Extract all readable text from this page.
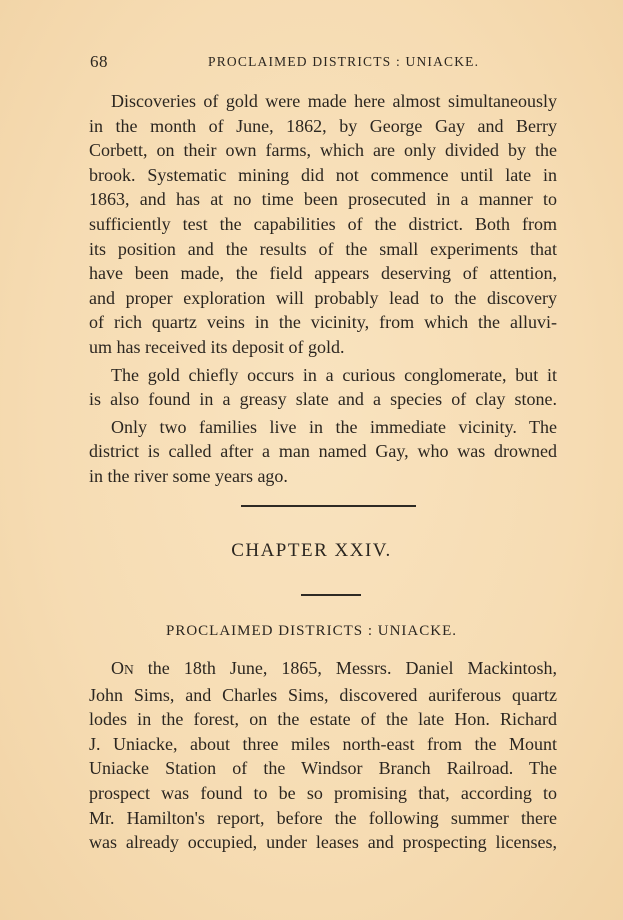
68	PROCLAIMED DISTRICTS : UNIACKE.
Discoveries of gold were made here almost simultaneously
in the month of June, 1862, by George Gay and Berry
Corbett, on their own farms, which are only divided by the
brook. Systematic mining did not commence until late in
1863, and has at no time been prosecuted in a manner to
sufficiently test the capabilities of the district. Both from
its position and the results of the small experiments that
have been made, the field appears deserving of attention,
and proper exploration will probably lead to the discovery
of rich quartz veins in the vicinity, from which the alluvi-
um has received its deposit of gold.
The gold chiefly occurs in a curious conglomerate, but it
is also found in a greasy slate and a species of clay stone.
Only two families live in the immediate vicinity. The
district is called after a man named Gay, who was drowned
in the river some years ago.
CHAPTER XXIV.
PROCLAIMED DISTRICTS : UNIACKE.
ON the 18th June, 1865, Messrs. Daniel Mackintosh,
John Sims, and Charles Sims, discovered auriferous quartz
lodes in the forest, on the estate of the late Hon. Richard
J. Uniacke, about three miles north-east from the Mount
Uniacke Station of the Windsor Branch Railroad. The
prospect was found to be so promising that, according to
Mr. Hamilton's report, before the following summer there
was already occupied, under leases and prospecting licenses,
